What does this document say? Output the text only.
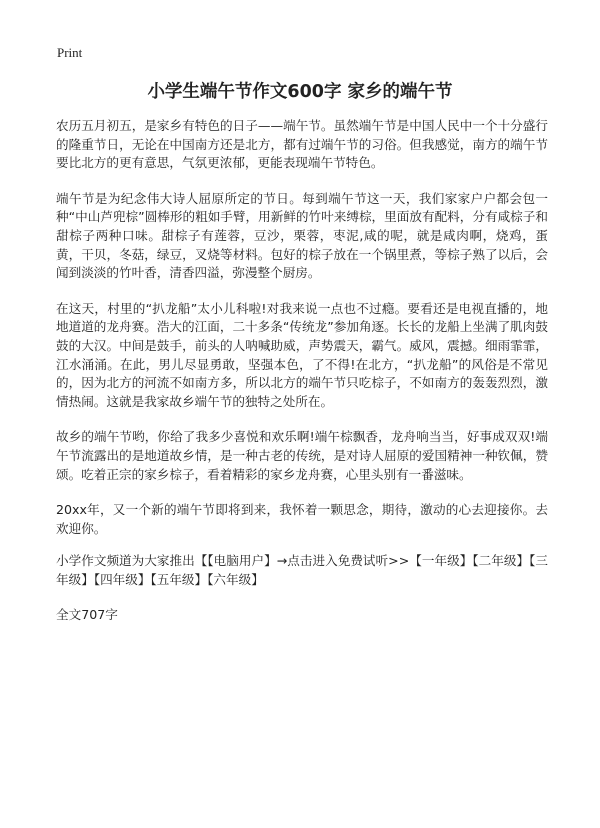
Print
小学生端午节作文600字 家乡的端午节

农历五月初五，是家乡有特色的日子——端午节。虽然端午节是中国人民中一个十分盛行的隆重节日，无论在中国南方还是北方，都有过端午节的习俗。但我感觉，南方的端午节要比北方的更有意思，气氛更浓郁，更能表现端午节特色。

端午节是为纪念伟大诗人屈原所定的节日。每到端午节这一天，我们家家户户都会包一种“中山芦兜棕”圆棒形的粗如手臂，用新鲜的竹叶来缚棕，里面放有配料，分有咸棕子和甜棕子两种口味。甜棕子有莲蓉，豆沙，栗蓉，枣泥,咸的呢，就是咸肉啊，烧鸡，蛋黄，干贝，冬菇，绿豆，叉烧等材料。包好的棕子放在一个锅里煮，等棕子熟了以后，会闻到淡淡的竹叶香，清香四溢，弥漫整个厨房。

在这天，村里的“扒龙船”太小儿科啦!对我来说一点也不过瘾。要看还是电视直播的，地地道道的龙舟赛。浩大的江面，二十多条“传统龙”参加角逐。长长的龙船上坐满了肌肉鼓鼓的大汉。中间是鼓手，前头的人呐喊助威，声势震天，霸气。威风，震撼。细雨霏霏，江水涌涌。在此，男儿尽显勇敢，坚强本色，了不得!在北方，“扒龙船”的风俗是不常见的，因为北方的河流不如南方多，所以北方的端午节只吃棕子，不如南方的轰轰烈烈，激情热闹。这就是我家故乡端午节的独特之处所在。

故乡的端午节哟，你给了我多少喜悦和欢乐啊!端午棕飘香，龙舟响当当，好事成双双!端午节流露出的是地道故乡情，是一种古老的传统，是对诗人屈原的爱国精神一种钦佩，赞颂。吃着正宗的家乡棕子，看着精彩的家乡龙舟赛，心里头别有一番滋味。

20xx年，又一个新的端午节即将到来，我怀着一颗思念，期待，激动的心去迎接你。去欢迎你。

小学作文频道为大家推出【【电脑用户】→点击进入免费试听>>【一年级】【二年级】【三年级】【四年级】【五年级】【六年级】

全文707字
